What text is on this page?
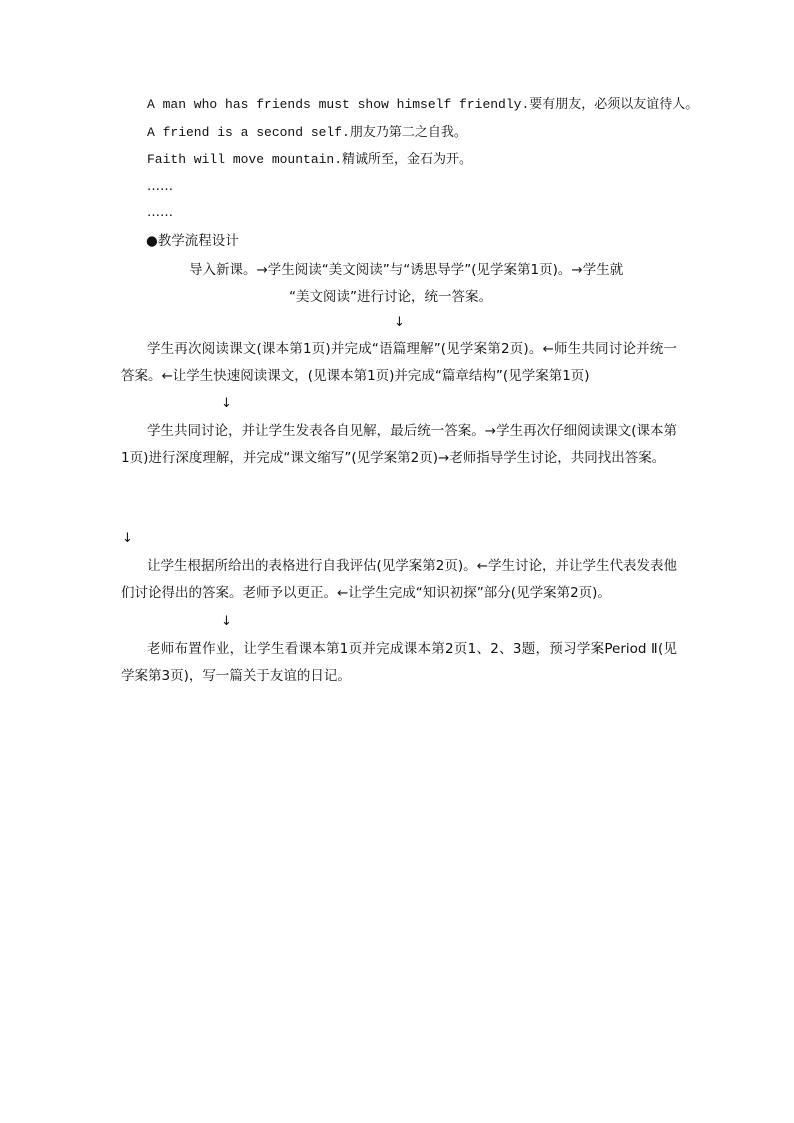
A man who has friends must show himself friendly.要有朋友，必须以友谊待人。
A friend is a second self.朋友乃第二之自我。
Faith will move mountain.精诚所至，金石为开。
……
……
●教学流程设计
导入新课。→学生阅读“美文阅读”与“诱思导学”(见学案第1页)。→学生就
“美文阅读”进行讨论，统一答案。
↓
学生再次阅读课文(课本第1页)并完成“语篇理解”(见学案第2页)。←师生共同讨论并统一答案。←让学生快速阅读课文，(见课本第1页)并完成“篇章结构”(见学案第1页)
↓
学生共同讨论，并让学生发表各自见解，最后统一答案。→学生再次仔细阅读课文(课本第1页)进行深度理解，并完成“课文缩写”(见学案第2页)→老师指导学生讨论，共同找出答案。
↓
让学生根据所给出的表格进行自我评估(见学案第2页)。←学生讨论，并让学生代表发表他们讨论得出的答案。老师予以更正。←让学生完成“知识初探”部分(见学案第2页)。
↓
老师布置作业，让学生看课本第1页并完成课本第2页1、2、3题，预习学案Period Ⅱ(见学案第3页)，写一篇关于友谊的日记。
